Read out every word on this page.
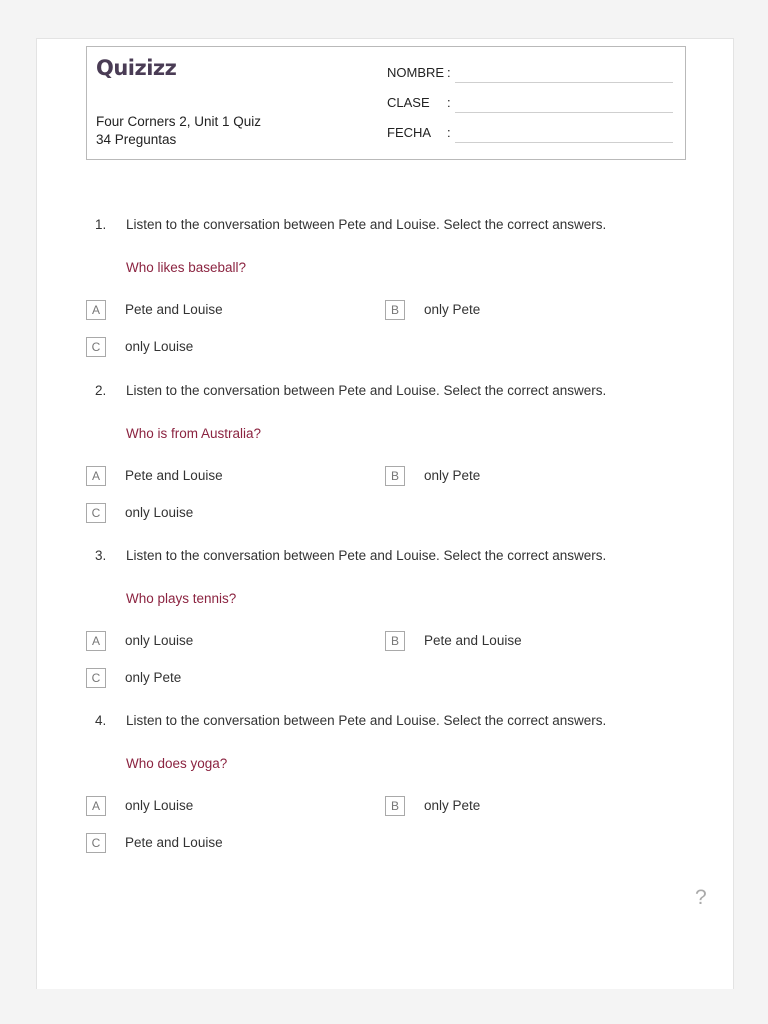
Quizizz
Four Corners 2, Unit 1 Quiz
34 Preguntas
NOMBRE :
CLASE :
FECHA :
1. Listen to the conversation between Pete and Louise. Select the correct answers.
Who likes baseball?
A	Pete and Louise	B	only Pete
C	only Louise
2. Listen to the conversation between Pete and Louise. Select the correct answers.
Who is from Australia?
A	Pete and Louise	B	only Pete
C	only Louise
3. Listen to the conversation between Pete and Louise. Select the correct answers.
Who plays tennis?
A	only Louise	B	Pete and Louise
C	only Pete
4. Listen to the conversation between Pete and Louise. Select the correct answers.
Who does yoga?
A	only Louise	B	only Pete
C	Pete and Louise
?
